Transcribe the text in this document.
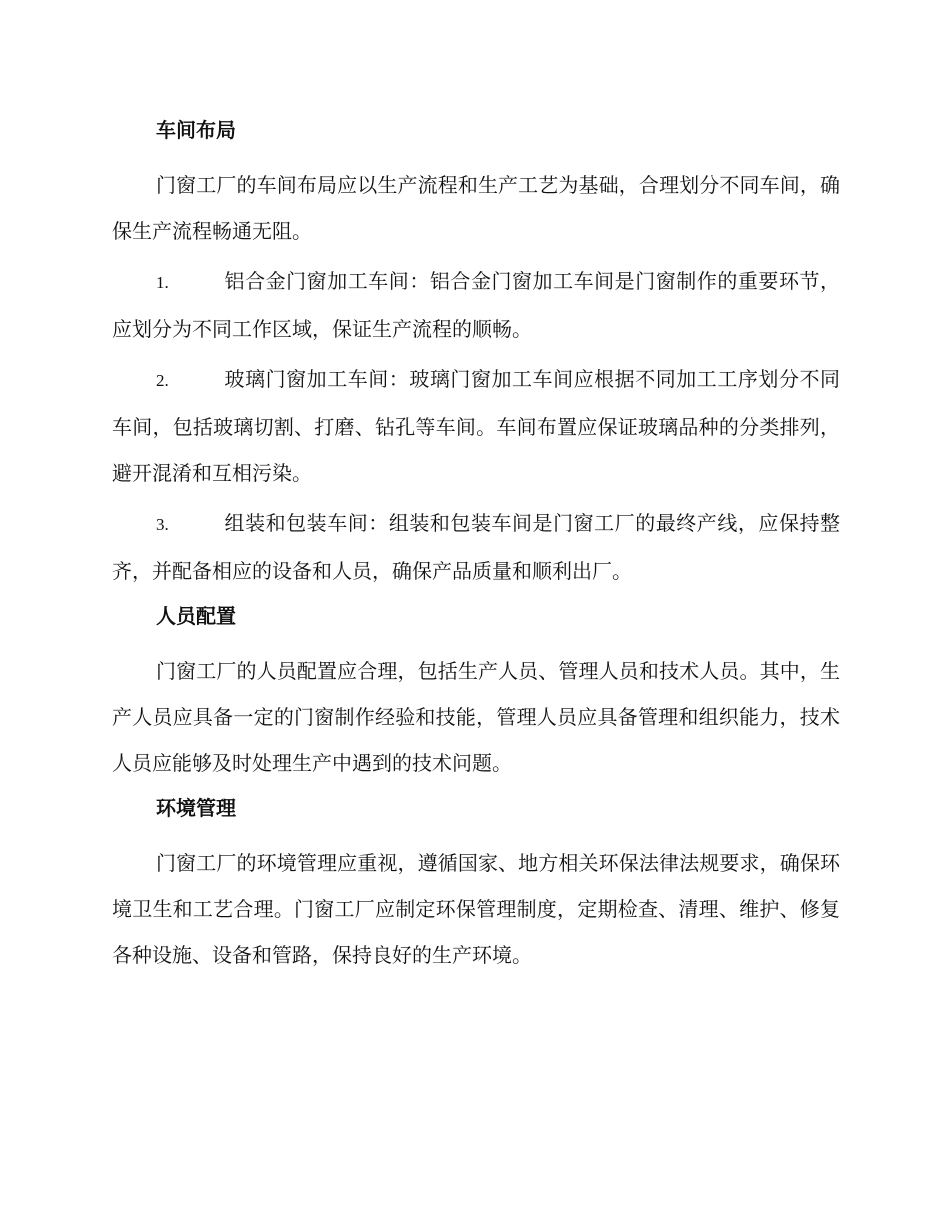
车间布局

门窗工厂的车间布局应以生产流程和生产工艺为基础，合理划分不同车间，确保生产流程畅通无阻。

1.	铝合金门窗加工车间：铝合金门窗加工车间是门窗制作的重要环节，应划分为不同工作区域，保证生产流程的顺畅。

2.	玻璃门窗加工车间：玻璃门窗加工车间应根据不同加工工序划分不同车间，包括玻璃切割、打磨、钻孔等车间。车间布置应保证玻璃品种的分类排列，避开混淆和互相污染。

3.	组装和包装车间：组装和包装车间是门窗工厂的最终产线，应保持整齐，并配备相应的设备和人员，确保产品质量和顺利出厂。

人员配置

门窗工厂的人员配置应合理，包括生产人员、管理人员和技术人员。其中，生产人员应具备一定的门窗制作经验和技能，管理人员应具备管理和组织能力，技术人员应能够及时处理生产中遇到的技术问题。

环境管理

门窗工厂的环境管理应重视，遵循国家、地方相关环保法律法规要求，确保环境卫生和工艺合理。门窗工厂应制定环保管理制度，定期检查、清理、维护、修复各种设施、设备和管路，保持良好的生产环境。
